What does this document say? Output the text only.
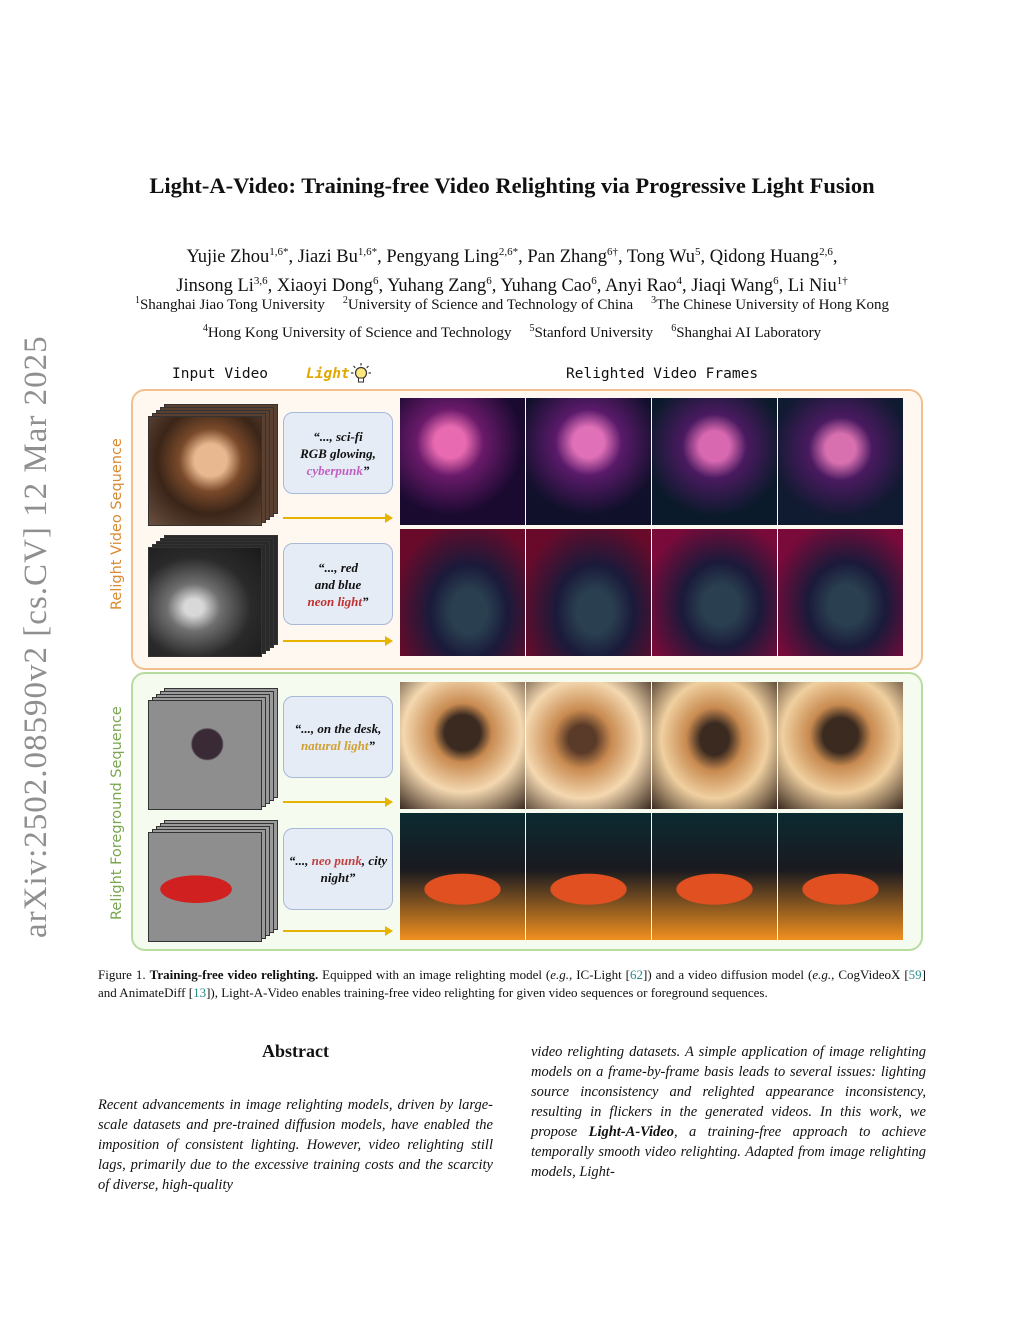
arXiv:2502.08590v2 [cs.CV] 12 Mar 2025
Light-A-Video: Training-free Video Relighting via Progressive Light Fusion
Yujie Zhou$^{1,6*}$, Jiazi $Bu^{1,6*}$, Pengyang Ling$^{2,6*}$, Pan Zhang$^{6\dagger}$, Tong Wu$^5$, Qidong Huang$^{2,6}$,
Jinsong Li$^{3,6}$, Xiaoyi Dong$^6$, Yuhang Zang$^6$, Yuhang Cao$^6$, Anyi Rao$^4$, Jiaqi Wang$^6$, Li Niu$^{1\dagger}$
$^1$Shanghai Jiao Tong University $^2$University of Science and Technology of China $^3$The Chinese University of Hong Kong
$^4$Hong Kong University of Science and Technology $^5$Stanford University $^6$Shanghai AI Laboratory
Input Video	Light	Relighted Video Frames
Relight Video Sequence
Relight Foreground Sequence
“..., sci-fi
RGB glowing,
cyberpunk”
“..., red
and blue
neon light”
“..., on the desk,
natural light”
“..., neo punk, city night”
Figure 1. Training-free video relighting. Equipped with an image relighting model (e.g., IC-Light [62]) and a video diffusion model (e.g., CogVideoX [59] and AnimateDiff [13]), Light-A-Video enables training-free video relighting for given video sequences or foreground sequences.
Abstract
Recent advancements in image relighting models, driven by large-scale datasets and pre-trained diffusion models, have enabled the imposition of consistent lighting. However, video relighting still lags, primarily due to the excessive training costs and the scarcity of diverse, high-quality
video relighting datasets. A simple application of image relighting models on a frame-by-frame basis leads to several issues: lighting source inconsistency and relighted appearance inconsistency, resulting in flickers in the generated videos. In this work, we propose Light-A-Video, a training-free approach to achieve temporally smooth video relighting. Adapted from image relighting models, Light-
